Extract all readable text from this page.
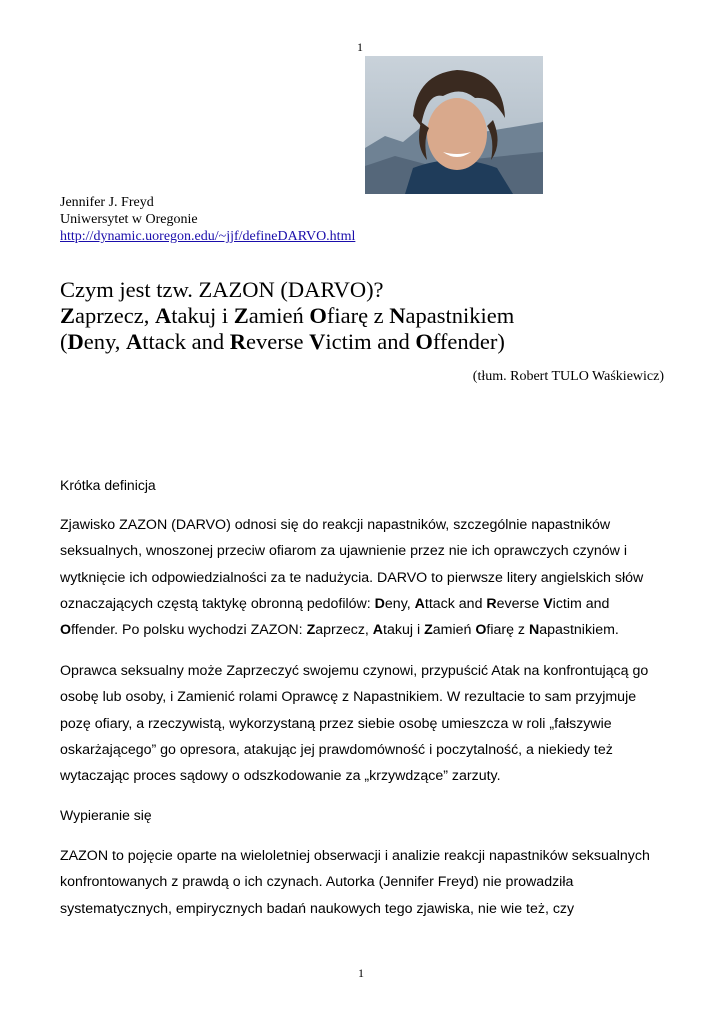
1
Jennifer J. Freyd
Uniwersytet w Oregonie
http://dynamic.uoregon.edu/~jjf/defineDARVO.html
Czym jest tzw. ZAZON (DARVO)?
Zaprzecz, Atakuj i Zamień Ofiarę z Napastnikiem
(Deny, Attack and Reverse Victim and Offender)
(tłum. Robert TULO Waśkiewicz)
Krótka definicja

Zjawisko ZAZON (DARVO) odnosi się do reakcji napastników, szczególnie napastników seksualnych, wnoszonej przeciw ofiarom za ujawnienie przez nie ich oprawczych czynów i wytknięcie ich odpowiedzialności za te nadużycia. DARVO to pierwsze litery angielskich słów oznaczających częstą taktykę obronną pedofilów: Deny, Attack and Reverse Victim and Offender. Po polsku wychodzi ZAZON: Zaprzecz, Atakuj i Zamień Ofiarę z Napastnikiem.

Oprawca seksualny może Zaprzeczyć swojemu czynowi, przypuścić Atak na konfrontującą go osobę lub osoby, i Zamienić rolami Oprawcę z Napastnikiem. W rezultacie to sam przyjmuje pozę ofiary, a rzeczywistą, wykorzystaną przez siebie osobę umieszcza w roli „fałszywie oskarżającego” go opresora, atakując jej prawdomówność i poczytalność, a niekiedy też wytaczając proces sądowy o odszkodowanie za „krzywdzące” zarzuty.

Wypieranie się

ZAZON to pojęcie oparte na wieloletniej obserwacji i analizie reakcji napastników seksualnych konfrontowanych z prawdą o ich czynach. Autorka (Jennifer Freyd) nie prowadziła systematycznych, empirycznych badań naukowych tego zjawiska, nie wie też, czy

1
